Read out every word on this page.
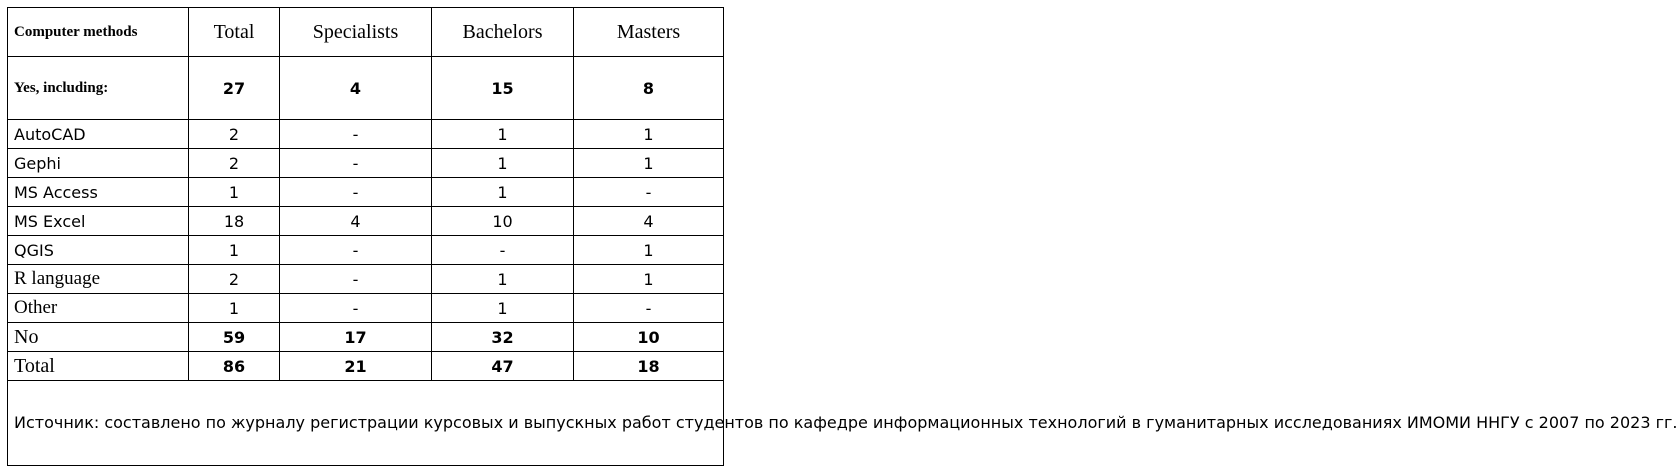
Computer methods	Total	Specialists	Bachelors	Masters
Yes, including:	27	4	15	8
AutoCAD	2	-	1	1
Gephi	2	-	1	1
MS Access	1	-	1	-
MS Excel	18	4	10	4
QGIS	1	-	-	1
R language	2	-	1	1
Other	1	-	1	-
No	59	17	32	10
Total	86	21	47	18
Источник: составлено по журналу регистрации курсовых и выпускных работ студентов по кафедре информационных технологий в гуманитарных исследованиях ИМОМИ ННГУ с 2007 по 2023 гг.				
